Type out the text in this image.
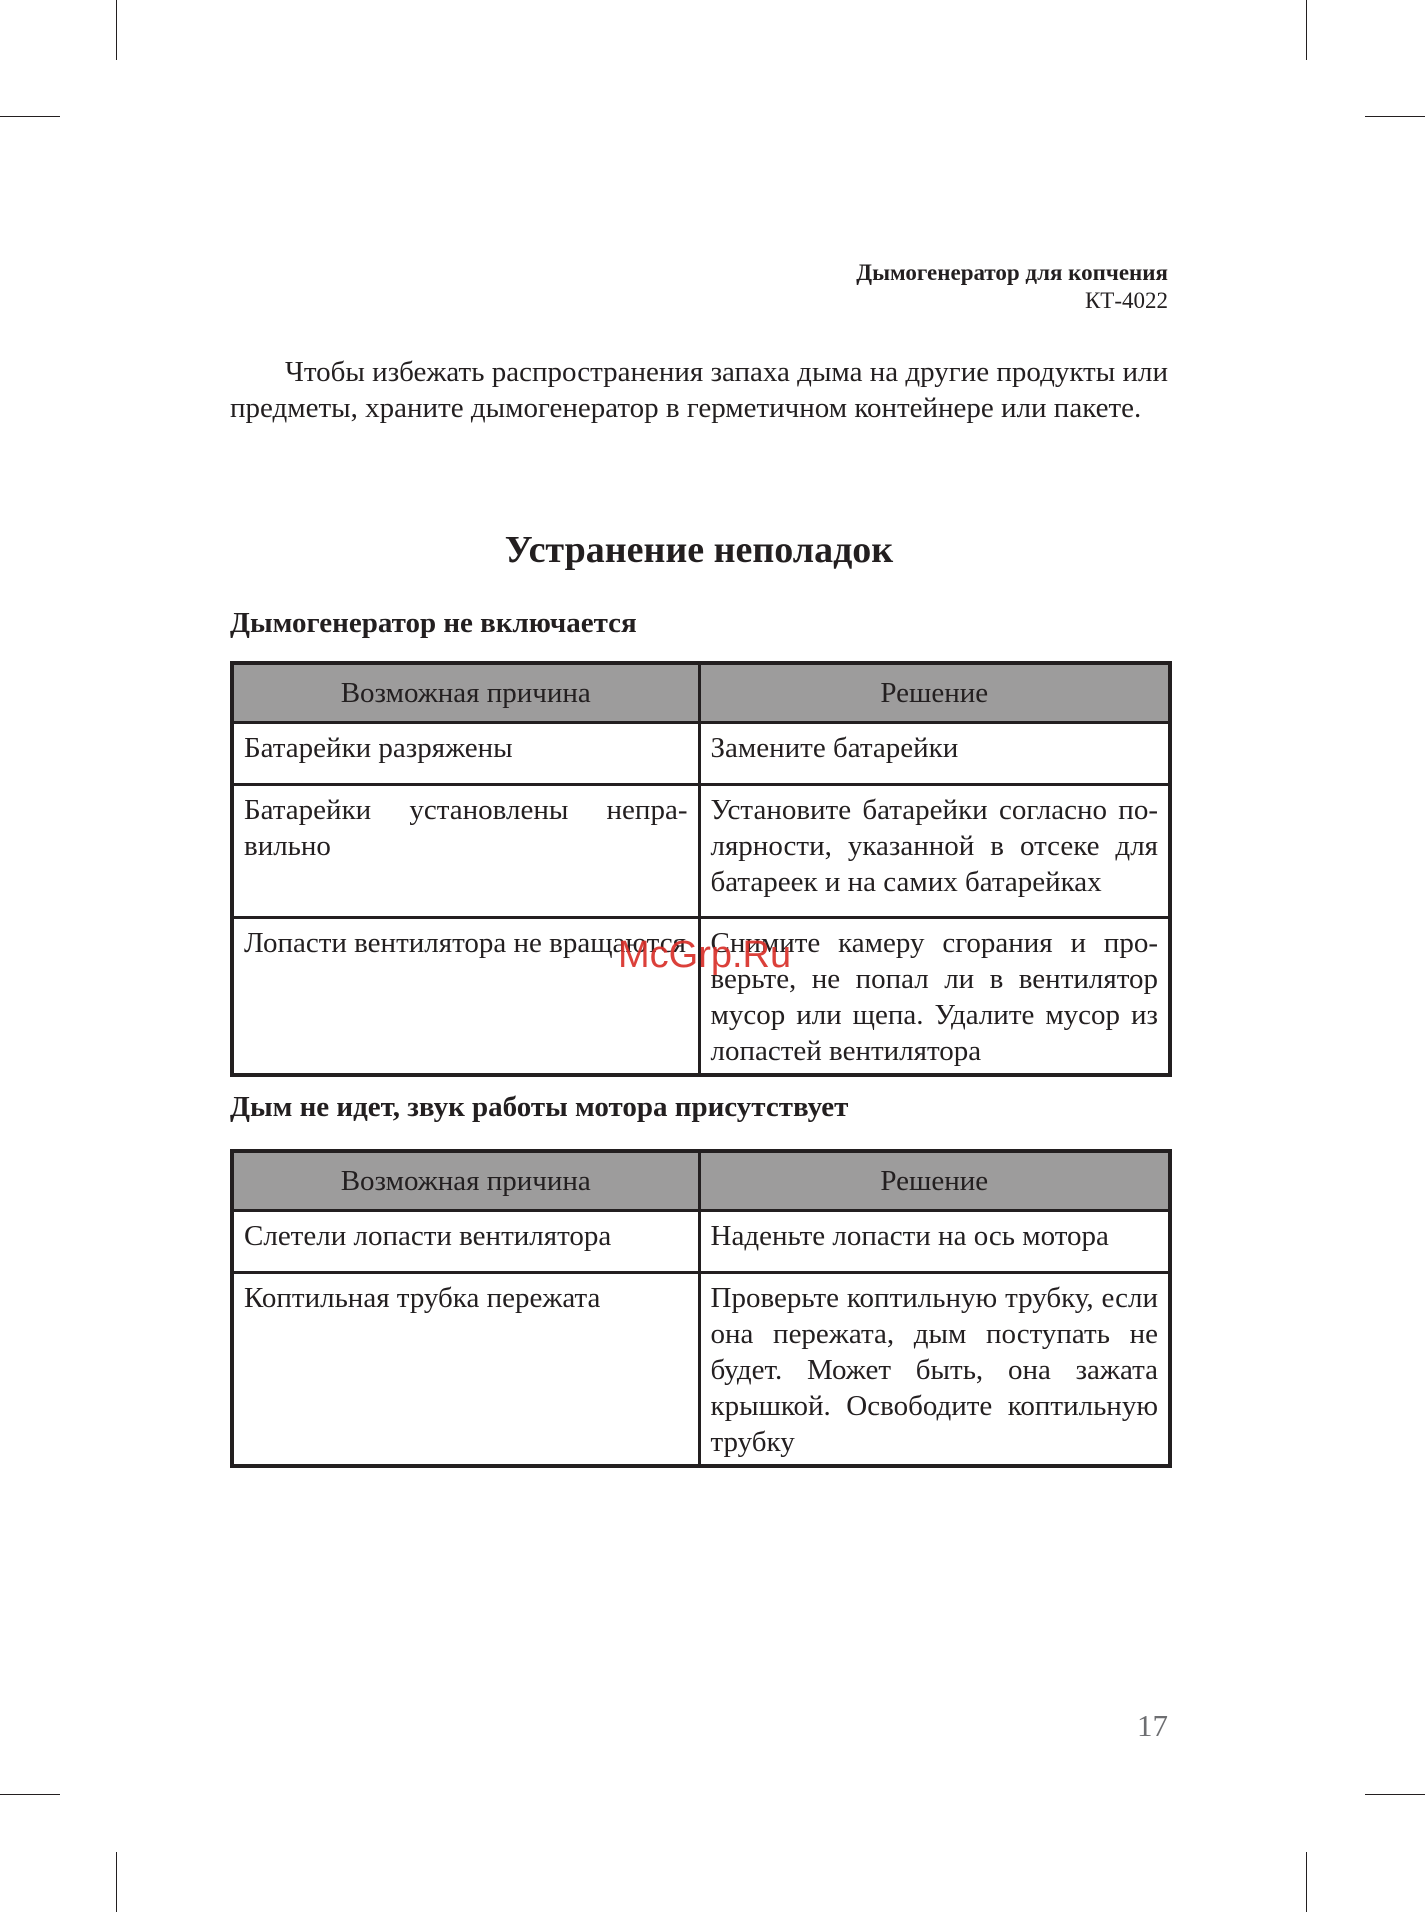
Дымогенератор для копчения
КТ-4022

Чтобы избежать распространения запаха дыма на другие продукты или предметы, храните дымогенератор в герметичном контейнере или пакете.

Устранение неполадок
Дымогенератор не включается
Возможная причина	Решение
Батарейки разряжены	Замените батарейки
Батарейки установлены неправильно	Установите батарейки согласно полярности, указанной в отсеке для батареек и на самих батарейках
Лопасти вентилятора не вращаются	Снимите камеру сгорания и проверьте, не попал ли в вентилятор мусор или щепа. Удалите мусор из лопастей вентилятора
Дым не идет, звук работы мотора присутствует
Возможная причина	Решение
Слетели лопасти вентилятора	Наденьте лопасти на ось мотора
Коптильная трубка пережата	Проверьте коптильную трубку, если она пережата, дым поступать не будет. Может быть, она зажата крышкой. Освободите коптильную трубку
McGrp.Ru
17
